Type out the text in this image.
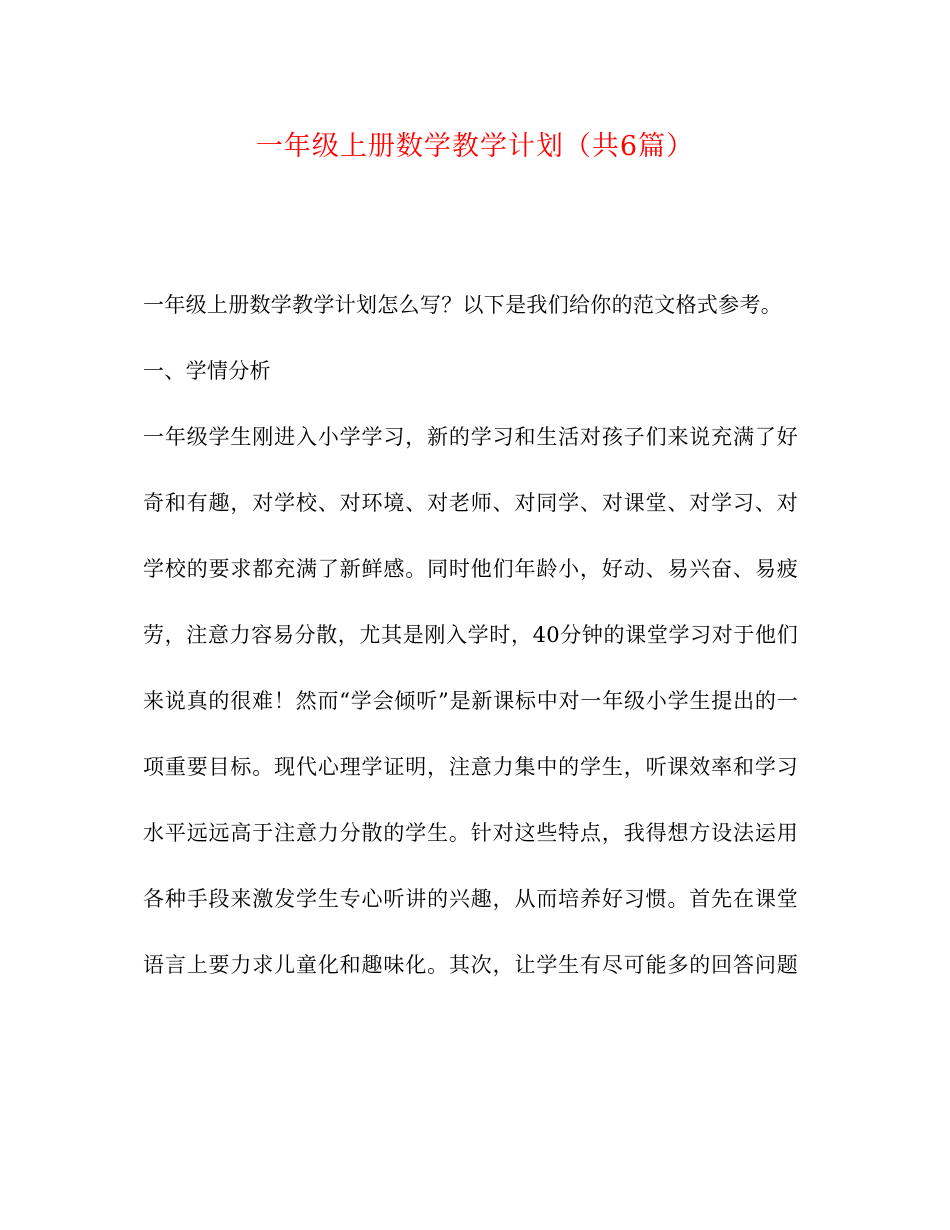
一年级上册数学教学计划（共6篇）
一年级上册数学教学计划怎么写？以下是我们给你的范文格式参考。
一、学情分析
一年级学生刚进入小学学习，新的学习和生活对孩子们来说充满了好
奇和有趣，对学校、对环境、对老师、对同学、对课堂、对学习、对
学校的要求都充满了新鲜感。同时他们年龄小，好动、易兴奋、易疲
劳，注意力容易分散，尤其是刚入学时，40分钟的课堂学习对于他们
来说真的很难！然而“学会倾听”是新课标中对一年级小学生提出的一
项重要目标。现代心理学证明，注意力集中的学生，听课效率和学习
水平远远高于注意力分散的学生。针对这些特点，我得想方设法运用
各种手段来激发学生专心听讲的兴趣，从而培养好习惯。首先在课堂
语言上要力求儿童化和趣味化。其次，让学生有尽可能多的回答问题
